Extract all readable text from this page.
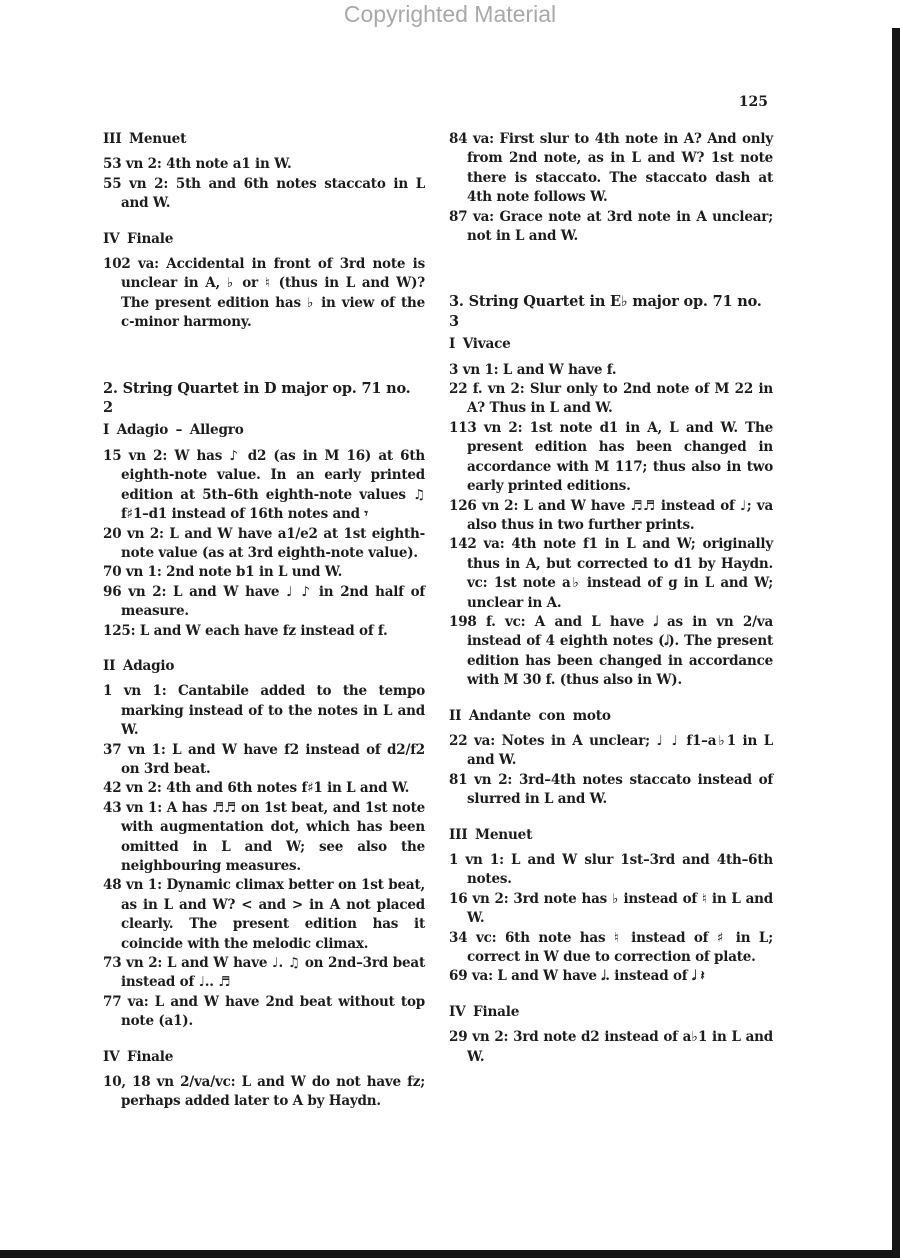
Copyrighted Material
125
III Menuet
53 vn 2: 4th note a1 in W.
55 vn 2: 5th and 6th notes staccato in L and W.
IV Finale
102 va: Accidental in front of 3rd note is unclear in A, ♭ or ♮ (thus in L and W)? The present edition has ♭ in view of the c-minor harmony.
2. String Quartet in D major op. 71 no. 2
I Adagio – Allegro
15 vn 2: W has ♪ d2 (as in M 16) at 6th eighth-note value. In an early printed edition at 5th–6th eighth-note values ♫ f♯1–d1 instead of 16th notes and 𝄾
20 vn 2: L and W have a1/e2 at 1st eighth-note value (as at 3rd eighth-note value).
70 vn 1: 2nd note b1 in L und W.
96 vn 2: L and W have ♩ ♪ in 2nd half of measure.
125: L and W each have fz instead of f.
II Adagio
1 vn 1: Cantabile added to the tempo marking instead of to the notes in L and W.
37 vn 1: L and W have f2 instead of d2/f2 on 3rd beat.
42 vn 2: 4th and 6th notes f♯1 in L and W.
43 vn 1: A has ♬♬ on 1st beat, and 1st note with augmentation dot, which has been omitted in L and W; see also the neighbouring measures.
48 vn 1: Dynamic climax better on 1st beat, as in L and W? < and > in A not placed clearly. The present edition has it coincide with the melodic climax.
73 vn 2: L and W have ♩. ♫ on 2nd–3rd beat instead of ♩.. ♬
77 va: L and W have 2nd beat without top note (a1).
IV Finale
10, 18 vn 2/va/vc: L and W do not have fz; perhaps added later to A by Haydn.
84 va: First slur to 4th note in A? And only from 2nd note, as in L and W? 1st note there is staccato. The staccato dash at 4th note follows W.
87 va: Grace note at 3rd note in A unclear; not in L and W.
3. String Quartet in E♭ major op. 71 no. 3
I Vivace
3 vn 1: L and W have f.
22 f. vn 2: Slur only to 2nd note of M 22 in A? Thus in L and W.
113 vn 2: 1st note d1 in A, L and W. The present edition has been changed in accordance with M 117; thus also in two early printed editions.
126 vn 2: L and W have ♬♬ instead of ♩; va also thus in two further prints.
142 va: 4th note f1 in L and W; originally thus in A, but corrected to d1 by Haydn. vc: 1st note a♭ instead of g in L and W; unclear in A.
198 f. vc: A and L have 𝅗𝅥 as in vn 2/va instead of 4 eighth notes (𝅗𝅥). The present edition has been changed in accordance with M 30 f. (thus also in W).
II Andante con moto
22 va: Notes in A unclear; ♩ ♩ f1–a♭1 in L and W.
81 vn 2: 3rd–4th notes staccato instead of slurred in L and W.
III Menuet
1 vn 1: L and W slur 1st–3rd and 4th–6th notes.
16 vn 2: 3rd note has ♭ instead of ♮ in L and W.
34 vc: 6th note has ♮ instead of ♯ in L; correct in W due to correction of plate.
69 va: L and W have 𝅗𝅥. instead of 𝅗𝅥 𝄽
IV Finale
29 vn 2: 3rd note d2 instead of a♭1 in L and W.
